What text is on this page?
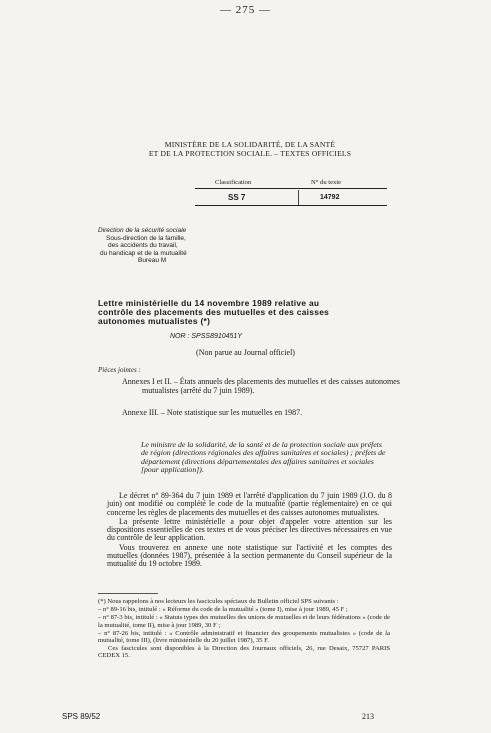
— 275 —
MINISTÈRE DE LA SOLIDARITÉ, DE LA SANTÉ
ET DE LA PROTECTION SOCIALE. – TEXTES OFFICIELS
Classification	N° du texte
SS 7	14792
Direction de la sécurité sociale
Sous-direction de la famille,
des accidents du travail,
du handicap et de la mutualité
Bureau M
Lettre ministérielle du 14 novembre 1989 relative au
contrôle des placements des mutuelles et des caisses
autonomes mutualistes (*)
NOR : SPSS8910451Y
(Non parue au Journal officiel)
Pièces jointes :
Annexes I et II. – États annuels des placements des mutuelles et des caisses autonomes mutualistes (arrêté du 7 juin 1989).
Annexe III. – Note statistique sur les mutuelles en 1987.
Le ministre de la solidarité, de la santé et de la protection sociale aux préfets de région (directions régionales des affaires sanitaires et sociales) ; préfets de département (directions départementales des affaires sanitaires et sociales [pour application]).

Le décret n° 89-364 du 7 juin 1989 et l'arrêté d'application du 7 juin 1989 (J.O. du 8 juin) ont modifié ou complété le code de la mutualité (partie réglementaire) en ce qui concerne les règles de placements des mutuelles et des caisses autonomes mutualistes.

La présente lettre ministérielle a pour objet d'appeler votre attention sur les dispositions essentielles de ces textes et de vous préciser les directives nécessaires en vue du contrôle de leur application.

Vous trouverez en annexe une note statistique sur l'activité et les comptes des mutuelles (données 1987), présentée à la section permanente du Conseil supérieur de la mutualité du 19 octobre 1989.

(*) Nous rappelons à nos lecteurs les fascicules spéciaux du Bulletin officiel SPS suivants :

– n° 89-16 bis, intitulé : « Réforme du code de la mutualité » (tome I), mise à jour 1989, 45 F ;

– n° 87-3 bis, intitulé : « Statuts types des mutuelles des unions de mutuelles et de leurs fédérations » (code de la mutualité, tome II), mise à jour 1989, 30 F ;

– n° 87-26 bis, intitulé : « Contrôle administratif et financier des groupements mutualistes » (code de la mutualité, tome III), (livre ministérielle du 20 juillet 1987), 35 F.

Ces fascicules sont disponibles à la Direction des Journaux officiels, 26, rue Desaix, 75727 PARIS CEDEX 15.

SPS 89/52	213
